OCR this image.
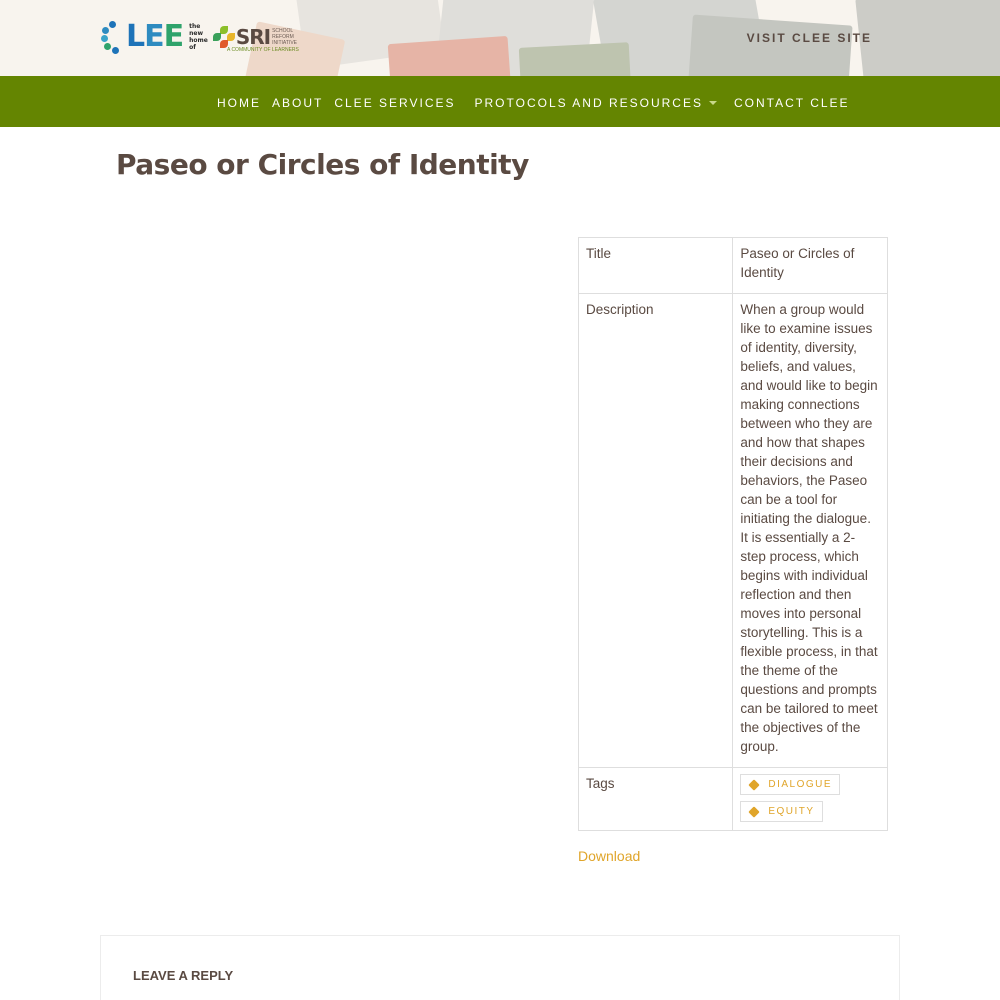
L E E the
new
home
of	SRI SCHOOL
REFORM
INITIATIVE
A COMMUNITY OF LEARNERS
VISIT CLEE SITE
HOME ABOUT CLEE SERVICES PROTOCOLS AND RESOURCES	CONTACT CLEE
Paseo or Circles of Identity
Title	Paseo or Circles of Identity
Description	When a group would like to examine issues of identity, diversity, beliefs, and values, and would like to begin making connections between who they are and how that shapes their decisions and behaviors, the Paseo can be a tool for initiating the dialogue. It is essentially a 2-step process, which begins with individual reflection and then moves into personal storytelling. This is a flexible process, in that the theme of the questions and prompts can be tailored to meet the objectives of the group.
Tags	DIALOGUE

EQUITY
Download
LEAVE A REPLY
